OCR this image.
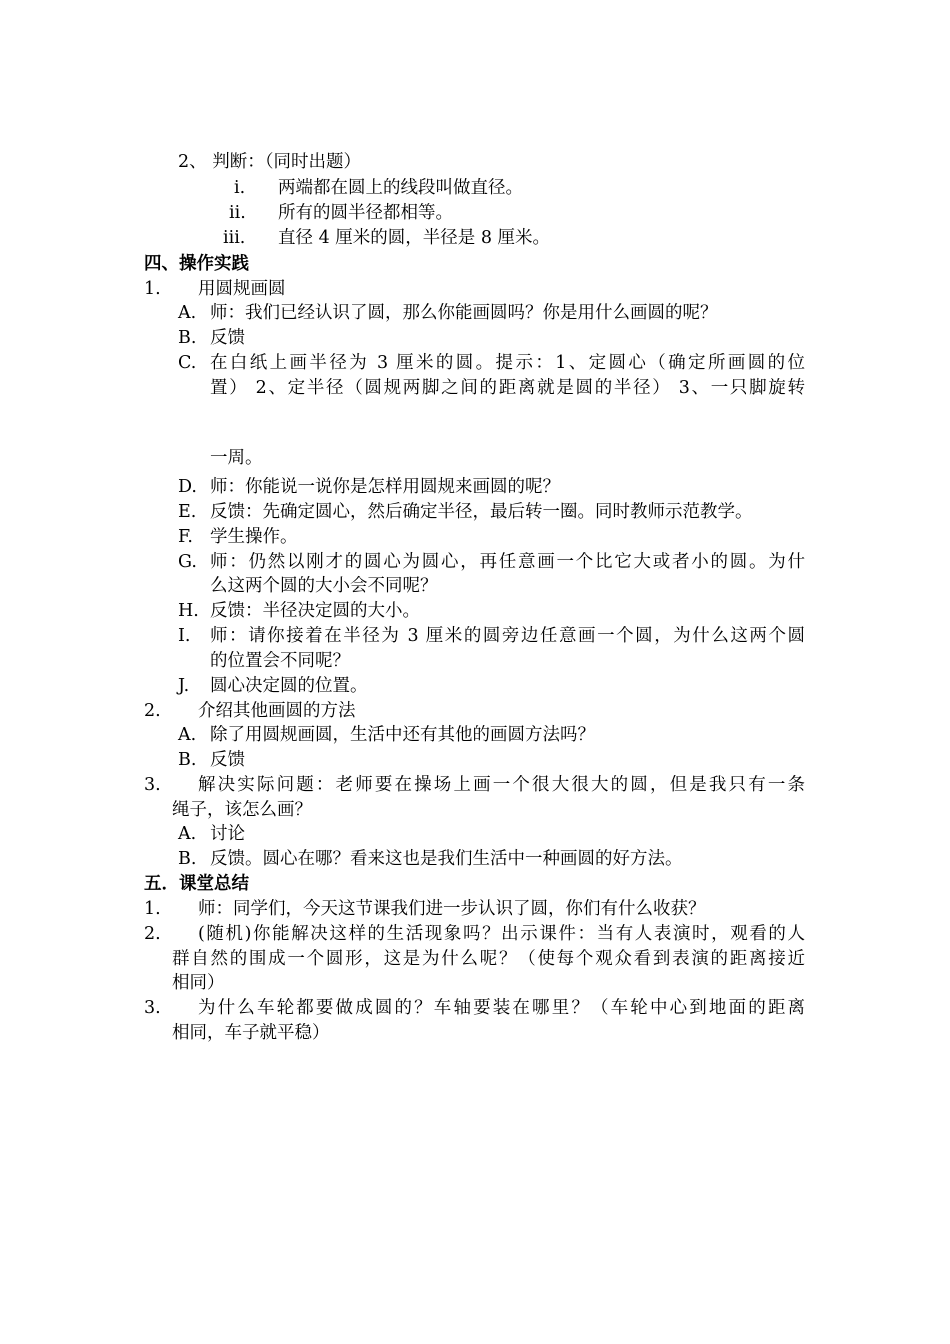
2、 判断：（同时出题）
i. 两端都在圆上的线段叫做直径。
ii. 所有的圆半径都相等。
iii. 直径 4 厘米的圆，半径是 8 厘米。
四、操作实践
1. 用圆规画圆
A. 师：我们已经认识了圆，那么你能画圆吗？你是用什么画圆的呢？
B. 反馈
C. 在白纸上画半径为 3 厘米的圆。提示：1、定圆心（确定所画圆的位
置） 2、定半径（圆规两脚之间的距离就是圆的半径） 3、一只脚旋转
一周。
D. 师：你能说一说你是怎样用圆规来画圆的呢？
E. 反馈：先确定圆心，然后确定半径，最后转一圈。同时教师示范教学。
F. 学生操作。
G. 师：仍然以刚才的圆心为圆心，再任意画一个比它大或者小的圆。为什
么这两个圆的大小会不同呢？
H. 反馈：半径决定圆的大小。
I. 师：请你接着在半径为 3 厘米的圆旁边任意画一个圆，为什么这两个圆
的位置会不同呢？
J. 圆心决定圆的位置。
2. 介绍其他画圆的方法
A. 除了用圆规画圆，生活中还有其他的画圆方法吗？
B. 反馈
3. 解决实际问题：老师要在操场上画一个很大很大的圆，但是我只有一条
绳子，该怎么画？
A. 讨论
B. 反馈。圆心在哪？看来这也是我们生活中一种画圆的好方法。
五．课堂总结
1. 师：同学们，今天这节课我们进一步认识了圆，你们有什么收获？
2. (随机)你能解决这样的生活现象吗？出示课件：当有人表演时，观看的人
群自然的围成一个圆形，这是为什么呢？（使每个观众看到表演的距离接近
相同）
3. 为什么车轮都要做成圆的？车轴要装在哪里？（车轮中心到地面的距离
相同，车子就平稳）
